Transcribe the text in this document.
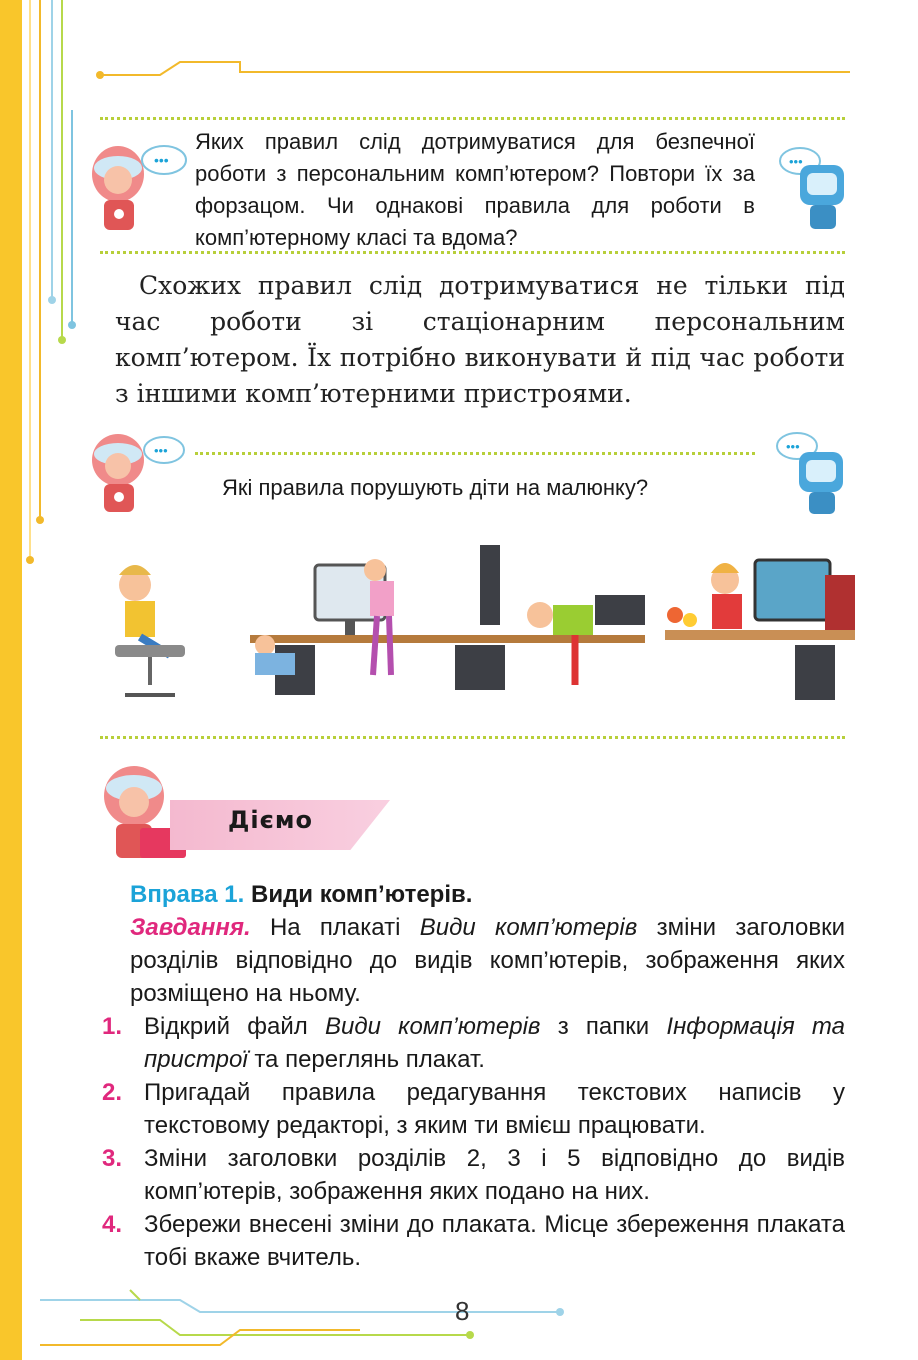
•••	•••
•••	•••
Яких правил слід дотримуватися для безпечної роботи з персональним комп’ютером? Повтори їх за форзацом. Чи однакові правила для роботи в комп’ютерному класі та вдома?
Схожих правил слід дотримуватися не тільки під час роботи зі стаціонарним персональним комп’ютером. Їх потрібно виконувати й під час роботи з іншими комп’ютерними пристроями.
Які правила порушують діти на малюнку?
Діємо

Вправа 1. Види комп’ютерів.

Завдання. На плакаті Види комп’ютерів зміни заголовки розділів відповідно до видів комп’ютерів, зображення яких розміщено на ньому.

1. Відкрий файл Види комп’ютерів з папки Інформація та пристрої та переглянь плакат.
2. Пригадай правила редагування текстових написів у текстовому редакторі, з яким ти вмієш працювати.
3. Зміни заголовки розділів 2, 3 і 5 відповідно до видів комп’ютерів, зображення яких подано на них.
4. Збережи внесені зміни до плаката. Місце збереження плаката тобі вкаже вчитель.
8
